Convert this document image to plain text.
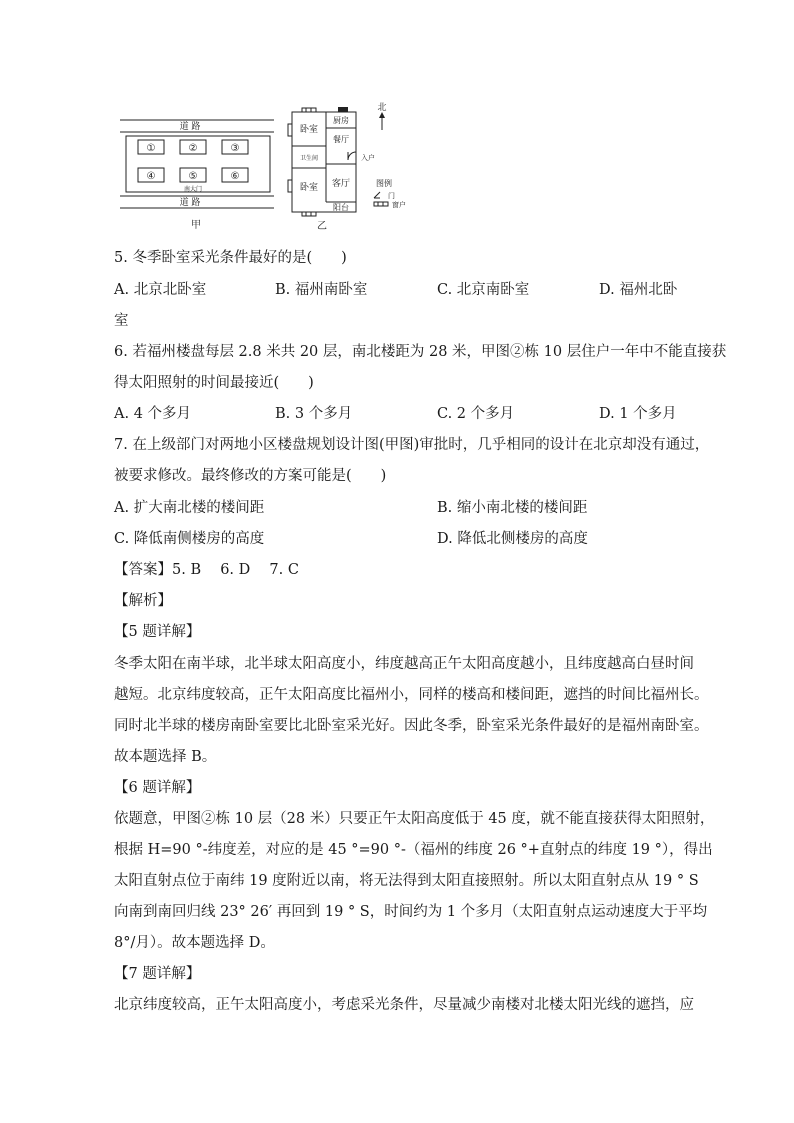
道 路
①	②	③
④	⑤	⑥
南大门
道 路
甲
北
卧室
厨房
餐厅
卫生间	入户
卧室 客厅
阳台
图例
门
窗户
乙
5. 冬季卧室采光条件最好的是(　　)
A. 北京北卧室	B. 福州南卧室	C. 北京南卧室	D. 福州北卧
室
6. 若福州楼盘每层 2.8 米共 20 层，南北楼距为 28 米，甲图②栋 10 层住户一年中不能直接获
得太阳照射的时间最接近(　　)
A. 4 个多月	B. 3 个多月	C. 2 个多月	D. 1 个多月
7. 在上级部门对两地小区楼盘规划设计图(甲图)审批时，几乎相同的设计在北京却没有通过，
被要求修改。最终修改的方案可能是(　　)
A. 扩大南北楼的楼间距	B. 缩小南北楼的楼间距
C. 降低南侧楼房的高度	D. 降低北侧楼房的高度
【答案】5. B　 6. D　 7. C
【解析】
【5 题详解】
冬季太阳在南半球，北半球太阳高度小，纬度越高正午太阳高度越小，且纬度越高白昼时间
越短。北京纬度较高，正午太阳高度比福州小，同样的楼高和楼间距，遮挡的时间比福州长。
同时北半球的楼房南卧室要比北卧室采光好。因此冬季，卧室采光条件最好的是福州南卧室。
故本题选择 B。
【6 题详解】
依题意，甲图②栋 10 层（28 米）只要正午太阳高度低于 45 度，就不能直接获得太阳照射，
根据 H=90 °-纬度差，对应的是 45 °=90 °-（福州的纬度 26 °+直射点的纬度 19 °），得出
太阳直射点位于南纬 19 度附近以南，将无法得到太阳直接照射。所以太阳直射点从 19 ° S
向南到南回归线 23° 26′ 再回到 19 ° S，时间约为 1 个多月（太阳直射点运动速度大于平均
8°/月）。故本题选择 D。
【7 题详解】
北京纬度较高，正午太阳高度小，考虑采光条件，尽量减少南楼对北楼太阳光线的遮挡，应
